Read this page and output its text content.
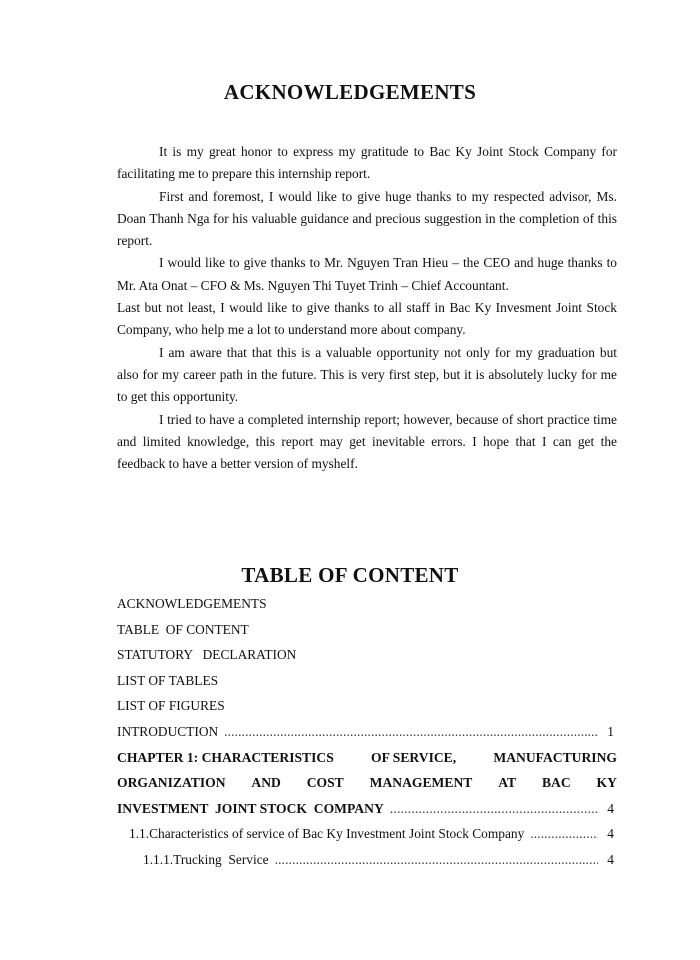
ACKNOWLEDGEMENTS

It is my great honor to express my gratitude to Bac Ky Joint Stock Company for facilitating me to prepare this internship report.

First and foremost, I would like to give huge thanks to my respected advisor, Ms. Doan Thanh Nga for his valuable guidance and precious suggestion in the completion of this report.

I would like to give thanks to Mr. Nguyen Tran Hieu – the CEO and huge thanks to Mr. Ata Onat – CFO & Ms. Nguyen Thi Tuyet Trinh – Chief Accountant.

Last but not least, I would like to give thanks to all staff in Bac Ky Invesment Joint Stock Company, who help me a lot to understand more about company.

I am aware that that this is a valuable opportunity not only for my graduation but also for my career path in the future. This is very first step, but it is absolutely lucky for me to get this opportunity.

I tried to have a completed internship report; however, because of short practice time and limited knowledge, this report may get inevitable errors. I hope that I can get the feedback to have a better version of myshelf.

TABLE OF CONTENT
ACKNOWLEDGEMENTS
TABLE  OF CONTENT
STATUTORY   DECLARATION
LIST OF TABLES
LIST OF FIGURES
INTRODUCTION . . .	1
CHAPTER 1: CHARACTERISTICS	OF SERVICE,	MANUFACTURING
ORGANIZATION AND COST MANAGEMENT AT BAC KY
INVESTMENT  JOINT STOCK  COMPANY . . .	4
1.1.Characteristics of service of Bac Ky Investment Joint Stock Company . . .	4
1.1.1.Trucking  Service . . .	4
